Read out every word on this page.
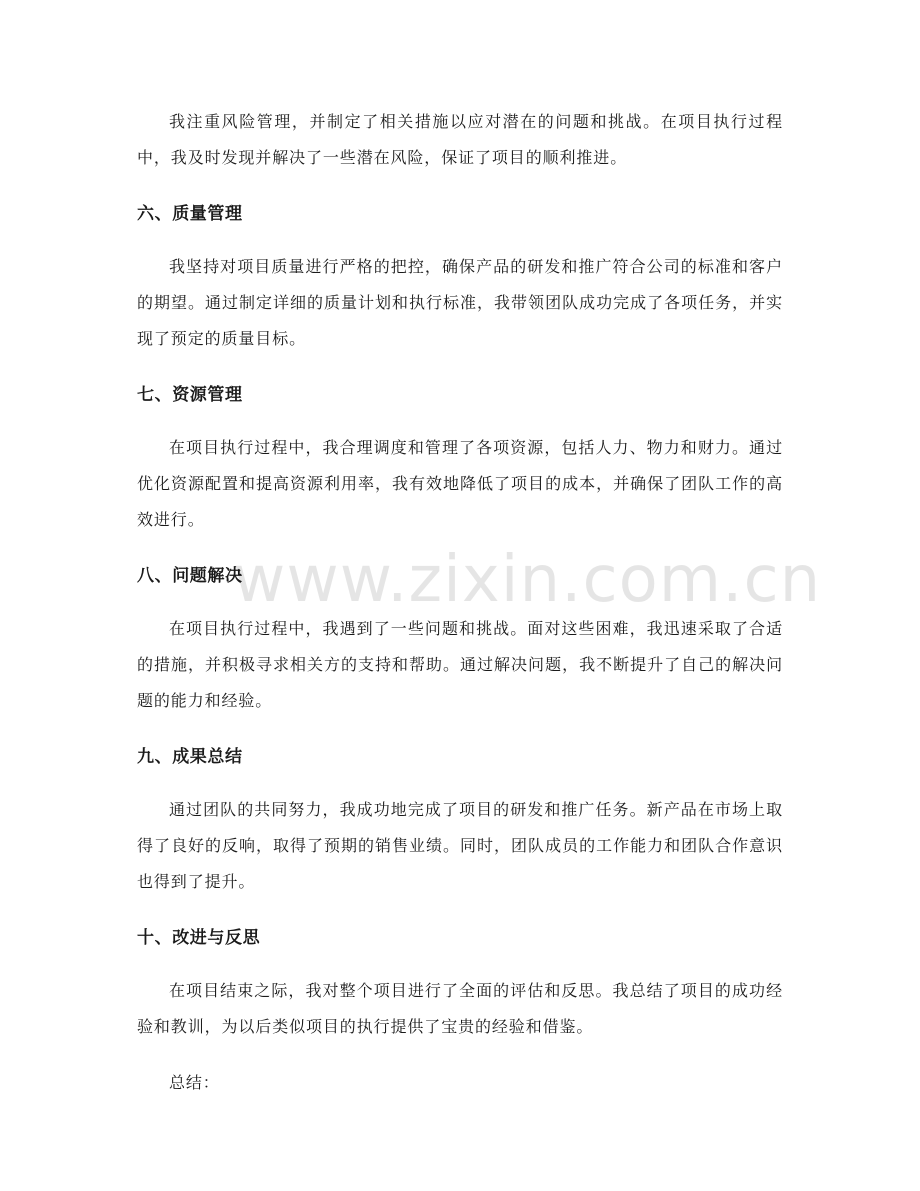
我注重风险管理，并制定了相关措施以应对潜在的问题和挑战。在项目执行过程中，我及时发现并解决了一些潜在风险，保证了项目的顺利推进。

六、质量管理

我坚持对项目质量进行严格的把控，确保产品的研发和推广符合公司的标准和客户的期望。通过制定详细的质量计划和执行标准，我带领团队成功完成了各项任务，并实现了预定的质量目标。

七、资源管理

在项目执行过程中，我合理调度和管理了各项资源，包括人力、物力和财力。通过优化资源配置和提高资源利用率，我有效地降低了项目的成本，并确保了团队工作的高效进行。

八、问题解决

在项目执行过程中，我遇到了一些问题和挑战。面对这些困难，我迅速采取了合适的措施，并积极寻求相关方的支持和帮助。通过解决问题，我不断提升了自己的解决问题的能力和经验。

九、成果总结

通过团队的共同努力，我成功地完成了项目的研发和推广任务。新产品在市场上取得了良好的反响，取得了预期的销售业绩。同时，团队成员的工作能力和团队合作意识也得到了提升。

十、改进与反思

在项目结束之际，我对整个项目进行了全面的评估和反思。我总结了项目的成功经验和教训，为以后类似项目的执行提供了宝贵的经验和借鉴。

总结：

www.zixin.com.cn
